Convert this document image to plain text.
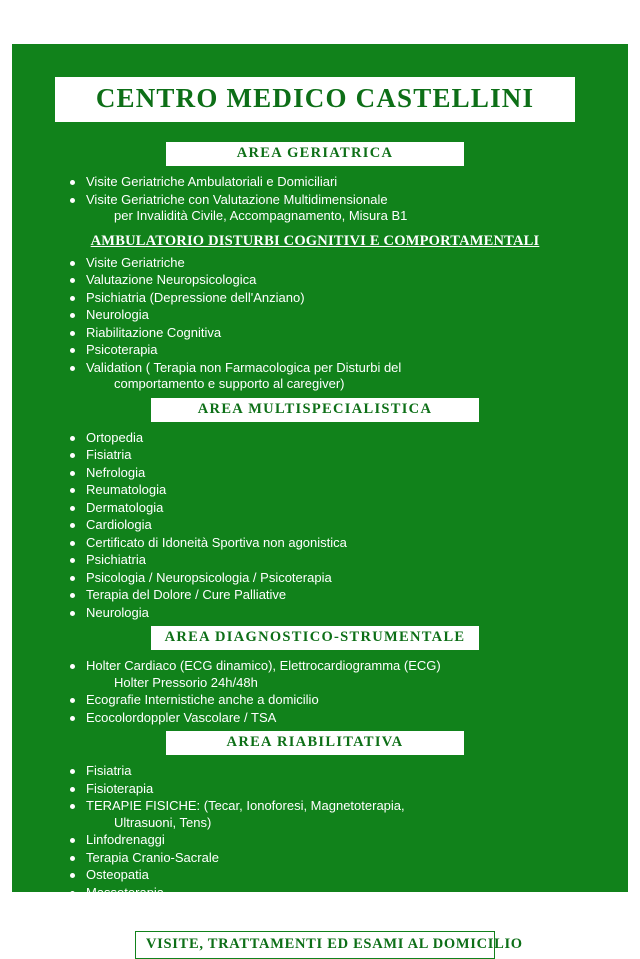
CENTRO MEDICO CASTELLINI
AREA GERIATRICA
Visite Geriatriche Ambulatoriali e Domiciliari
Visite Geriatriche con Valutazione Multidimensionale
per Invalidità Civile, Accompagnamento, Misura B1
AMBULATORIO DISTURBI COGNITIVI E COMPORTAMENTALI
Visite Geriatriche
Valutazione Neuropsicologica
Psichiatria (Depressione dell'Anziano)
Neurologia
Riabilitazione Cognitiva
Psicoterapia
Validation ( Terapia non Farmacologica per Disturbi del
comportamento e supporto al caregiver)
AREA MULTISPECIALISTICA
Ortopedia
Fisiatria
Nefrologia
Reumatologia
Dermatologia
Cardiologia
Certificato di Idoneità Sportiva non agonistica
Psichiatria
Psicologia / Neuropsicologia / Psicoterapia
Terapia del Dolore / Cure Palliative
Neurologia
AREA DIAGNOSTICO-STRUMENTALE
Holter Cardiaco (ECG dinamico), Elettrocardiogramma (ECG)
Holter Pressorio 24h/48h
Ecografie Internistiche anche a domicilio
Ecocolordoppler Vascolare / TSA
AREA RIABILITATIVA
Fisiatria
Fisioterapia
TERAPIE FISICHE: (Tecar, Ionoforesi, Magnetoterapia,
Ultrasuoni, Tens)
Linfodrenaggi
Terapia Cranio-Sacrale
Osteopatia
Massoterapia
Ginnastica Dolce e Posturale in piccoli gruppi
VISITE, TRATTAMENTI ED ESAMI AL DOMICILIO
